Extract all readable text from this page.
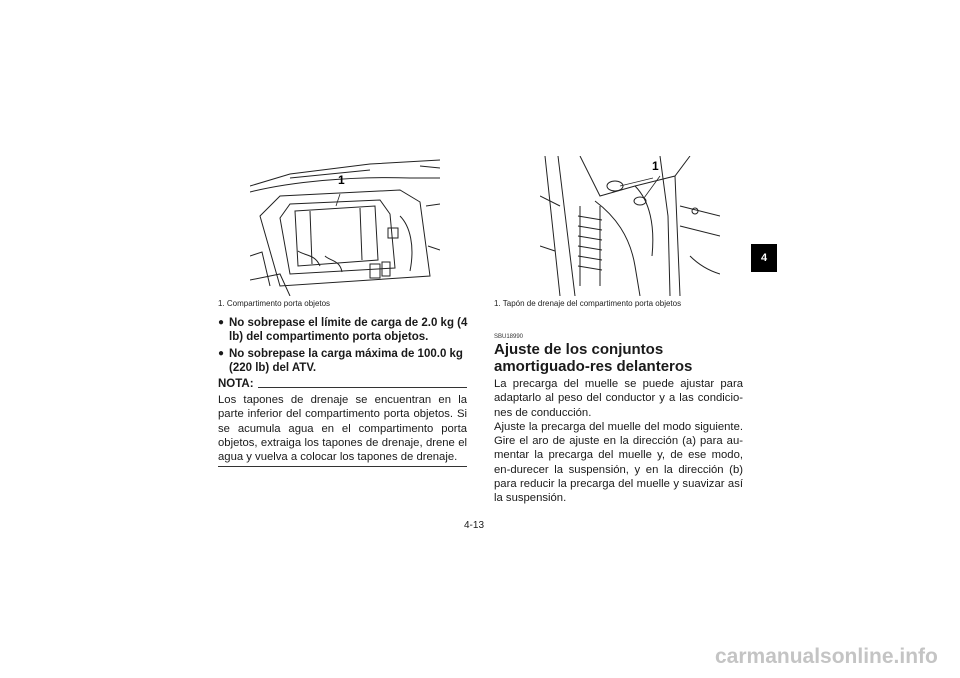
1
1. Compartimento porta objetos
● No sobrepase el límite de carga de 2.0 kg (4 lb) del compartimento porta objetos.
● No sobrepase la carga máxima de 100.0 kg (220 lb) del ATV.
NOTA:
Los tapones de drenaje se encuentran en la parte inferior del compartimento porta objetos. Si se acumula agua en el compartimento porta objetos, extraiga los tapones de drenaje, drene el agua y vuelva a colocar los tapones de drenaje.
1
1. Tapón de drenaje del compartimento porta objetos
SBU18990
Ajuste de los conjuntos amortiguado-res delanteros

La precarga del muelle se puede ajustar para adaptarlo al peso del conductor y a las condicio-nes de conducción.

Ajuste la precarga del muelle del modo siguiente. Gire el aro de ajuste en la dirección (a) para au-mentar la precarga del muelle y, de ese modo, en-durecer la suspensión, y en la dirección (b) para reducir la precarga del muelle y suavizar así la suspensión.

4
4-13
carmanualsonline.info
